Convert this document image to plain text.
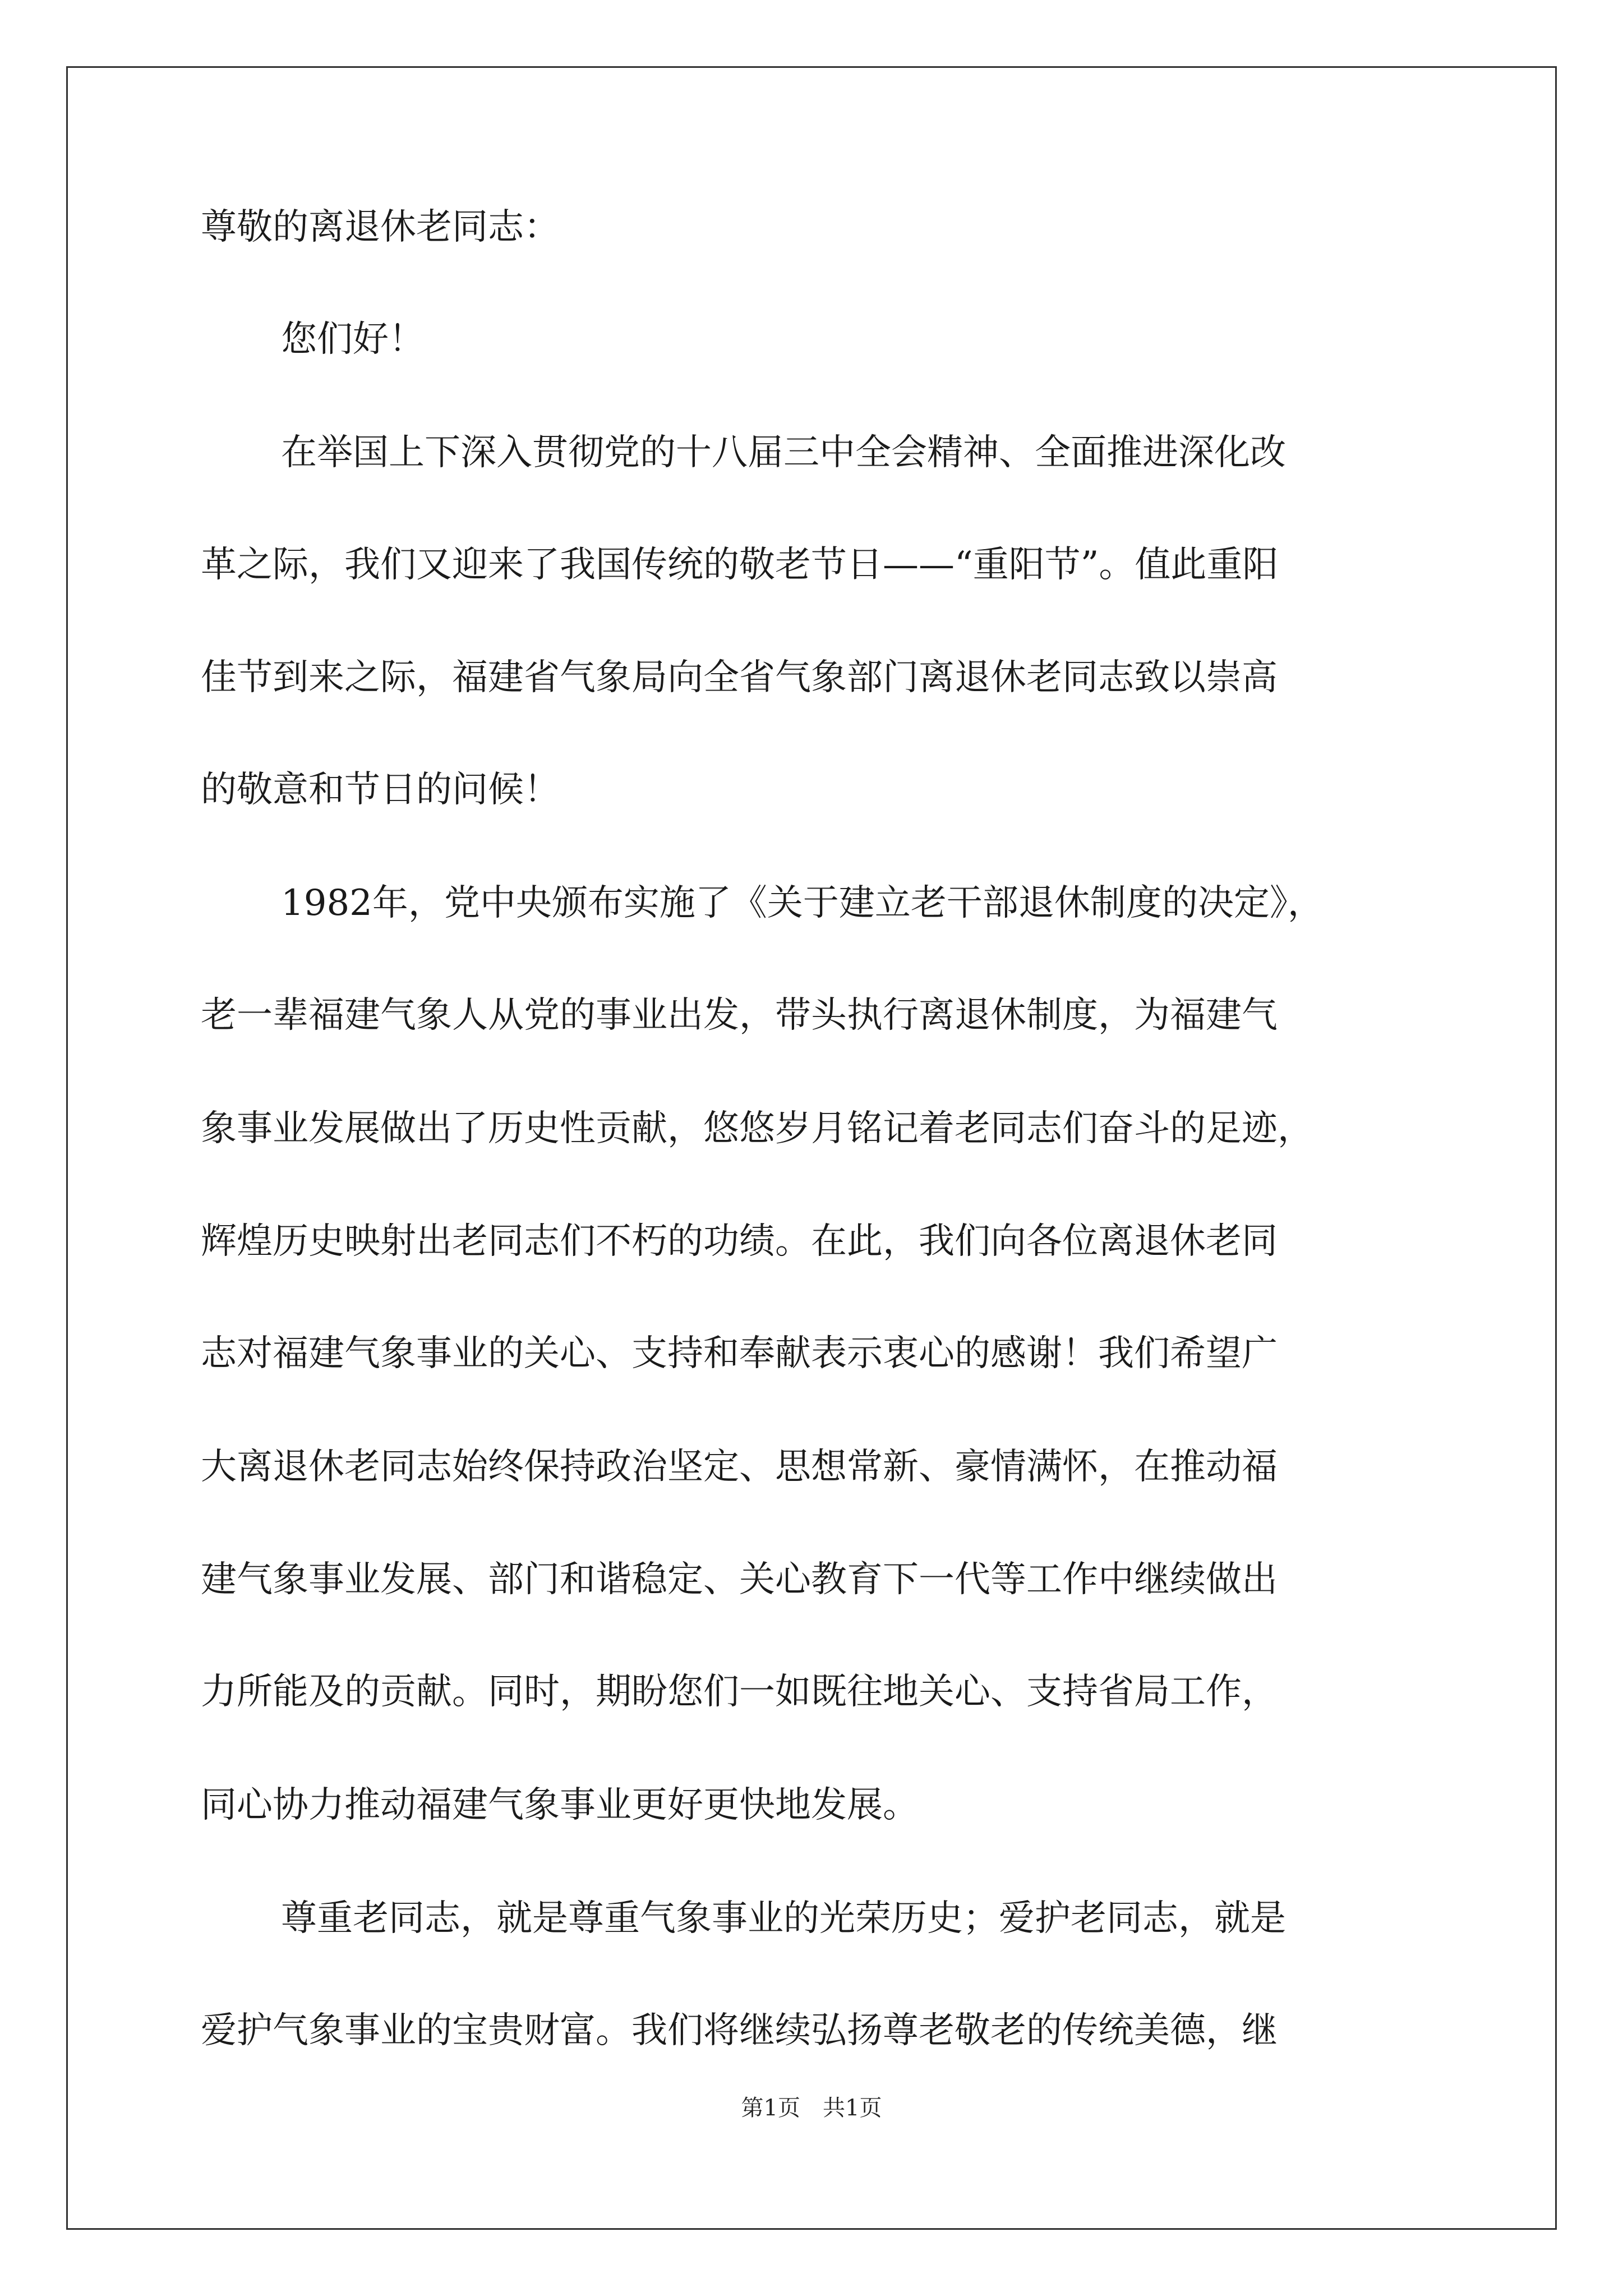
尊敬的离退休老同志：
您们好！
在举国上下深入贯彻党的十八届三中全会精神、全面推进深化改
革之际，我们又迎来了我国传统的敬老节日——“重阳节”。值此重阳
佳节到来之际，福建省气象局向全省气象部门离退休老同志致以崇高
的敬意和节日的问候！
1982年，党中央颁布实施了《关于建立老干部退休制度的决定》，
老一辈福建气象人从党的事业出发，带头执行离退休制度，为福建气
象事业发展做出了历史性贡献，悠悠岁月铭记着老同志们奋斗的足迹，
辉煌历史映射出老同志们不朽的功绩。在此，我们向各位离退休老同
志对福建气象事业的关心、支持和奉献表示衷心的感谢！我们希望广
大离退休老同志始终保持政治坚定、思想常新、豪情满怀，在推动福
建气象事业发展、部门和谐稳定、关心教育下一代等工作中继续做出
力所能及的贡献。同时，期盼您们一如既往地关心、支持省局工作，
同心协力推动福建气象事业更好更快地发展。
尊重老同志，就是尊重气象事业的光荣历史；爱护老同志，就是
爱护气象事业的宝贵财富。我们将继续弘扬尊老敬老的传统美德，继
第1页　共1页
